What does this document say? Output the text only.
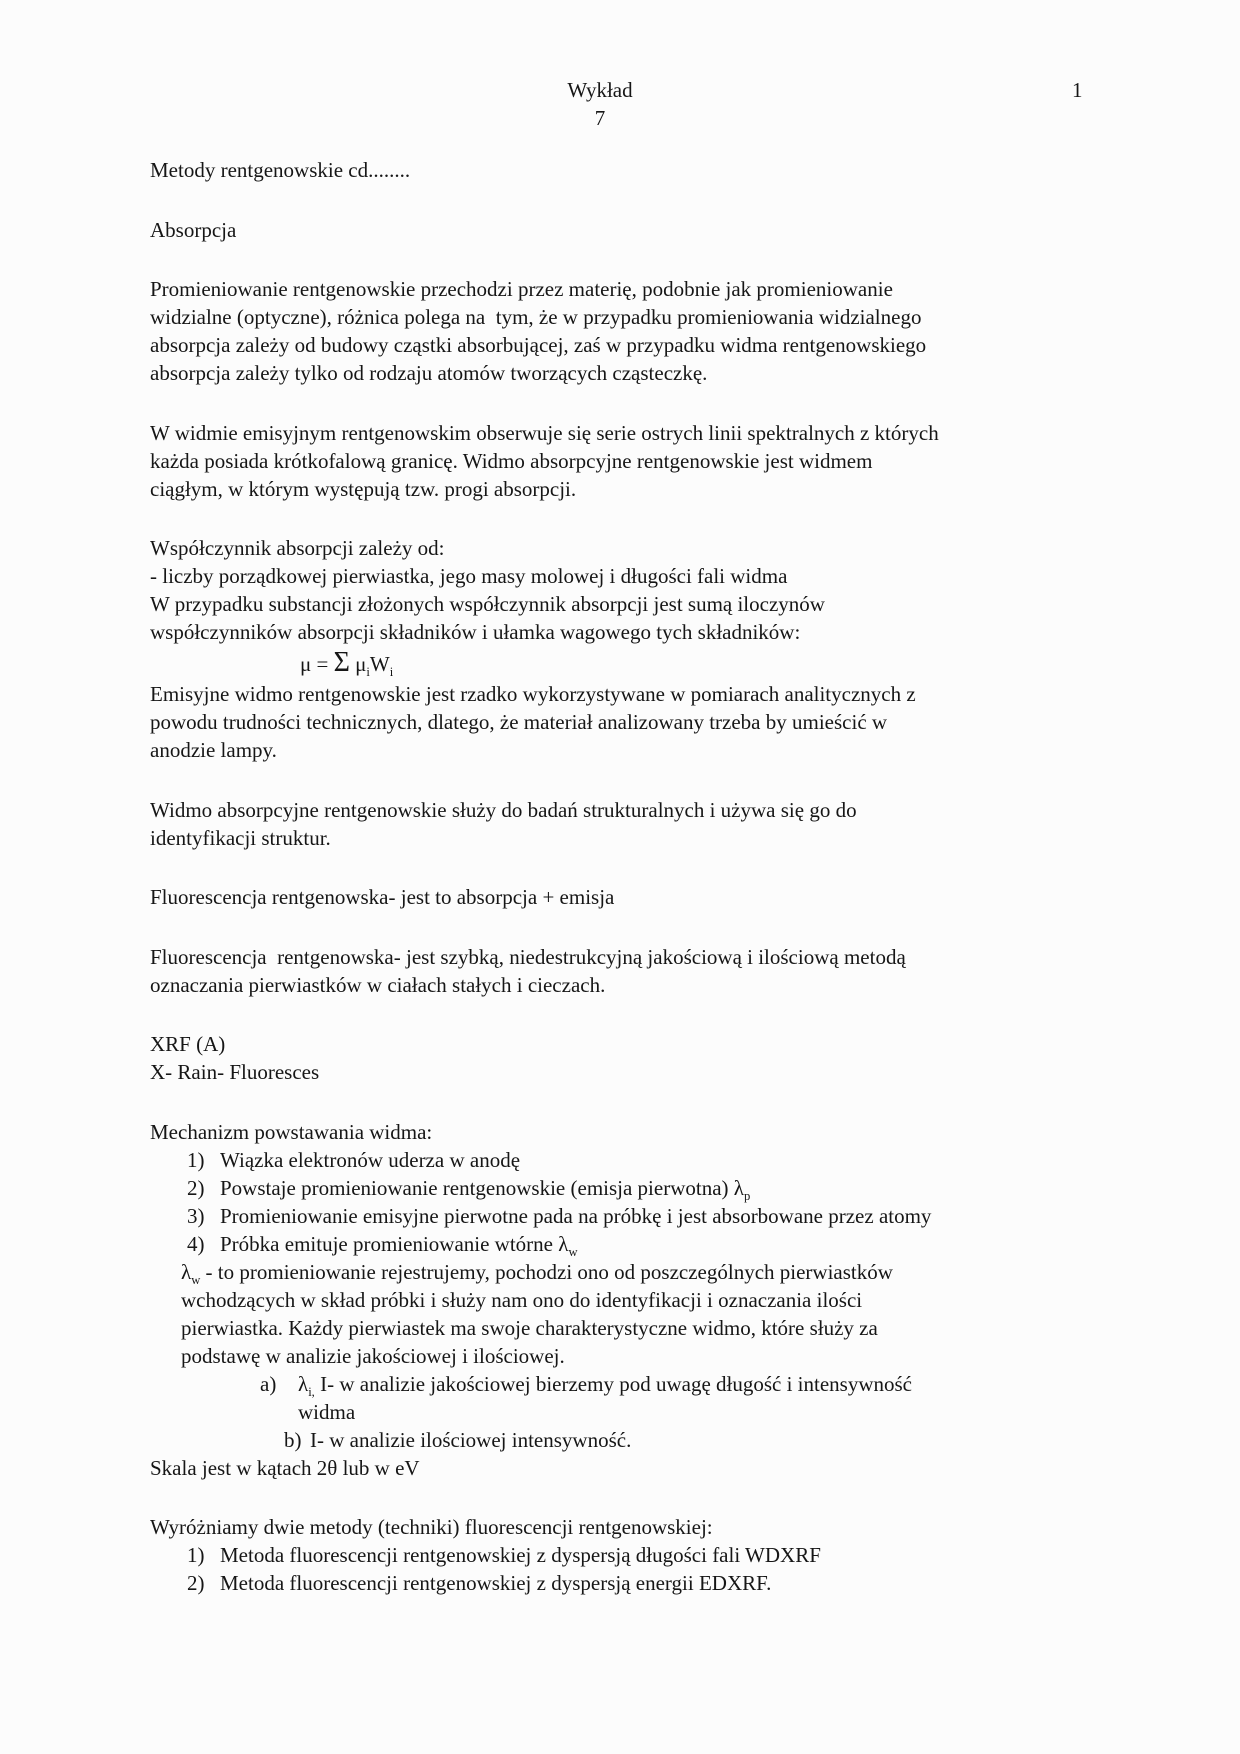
1
Wykład
7
Metody rentgenowskie cd........
Absorpcja
Promieniowanie rentgenowskie przechodzi przez materię, podobnie jak promieniowanie
widzialne (optyczne), różnica polega na  tym, że w przypadku promieniowania widzialnego
absorpcja zależy od budowy cząstki absorbującej, zaś w przypadku widma rentgenowskiego
absorpcja zależy tylko od rodzaju atomów tworzących cząsteczkę.
W widmie emisyjnym rentgenowskim obserwuje się serie ostrych linii spektralnych z których
każda posiada krótkofalową granicę. Widmo absorpcyjne rentgenowskie jest widmem
ciągłym, w którym występują tzw. progi absorpcji.
Współczynnik absorpcji zależy od:
- liczby porządkowej pierwiastka, jego masy molowej i długości fali widma
W przypadku substancji złożonych współczynnik absorpcji jest sumą iloczynów
współczynników absorpcji składników i ułamka wagowego tych składników:
μ = Σ $\mu_iW_i$
Emisyjne widmo rentgenowskie jest rzadko wykorzystywane w pomiarach analitycznych z
powodu trudności technicznych, dlatego, że materiał analizowany trzeba by umieścić w
anodzie lampy.
Widmo absorpcyjne rentgenowskie służy do badań strukturalnych i używa się go do
identyfikacji struktur.
Fluorescencja rentgenowska- jest to absorpcja + emisja
Fluorescencja  rentgenowska- jest szybką, niedestrukcyjną jakościową i ilościową metodą
oznaczania pierwiastków w ciałach stałych i cieczach.
XRF (A)
X- Rain- Fluoresces
Mechanizm powstawania widma:
1) Wiązka elektronów uderza w anodę
2) Powstaje promieniowanie rentgenowskie (emisja pierwotna) $\lambda_p$
3) Promieniowanie emisyjne pierwotne pada na próbkę i jest absorbowane przez atomy
4) Próbka emituje promieniowanie wtórne $\lambda_w$
$\lambda_w$ - to promieniowanie rejestrujemy, pochodzi ono od poszczególnych pierwiastków
wchodzących w skład próbki i służy nam ono do identyfikacji i oznaczania ilości
pierwiastka. Każdy pierwiastek ma swoje charakterystyczne widmo, które służy za
podstawę w analizie jakościowej i ilościowej.
a) $\lambda_{i,}$ I- w analizie jakościowej bierzemy pod uwagę długość i intensywność
widma
b) I- w analizie ilościowej intensywność.
Skala jest w kątach 2θ lub w eV
Wyróżniamy dwie metody (techniki) fluorescencji rentgenowskiej:
1) Metoda fluorescencji rentgenowskiej z dyspersją długości fali WDXRF
2) Metoda fluorescencji rentgenowskiej z dyspersją energii EDXRF.
